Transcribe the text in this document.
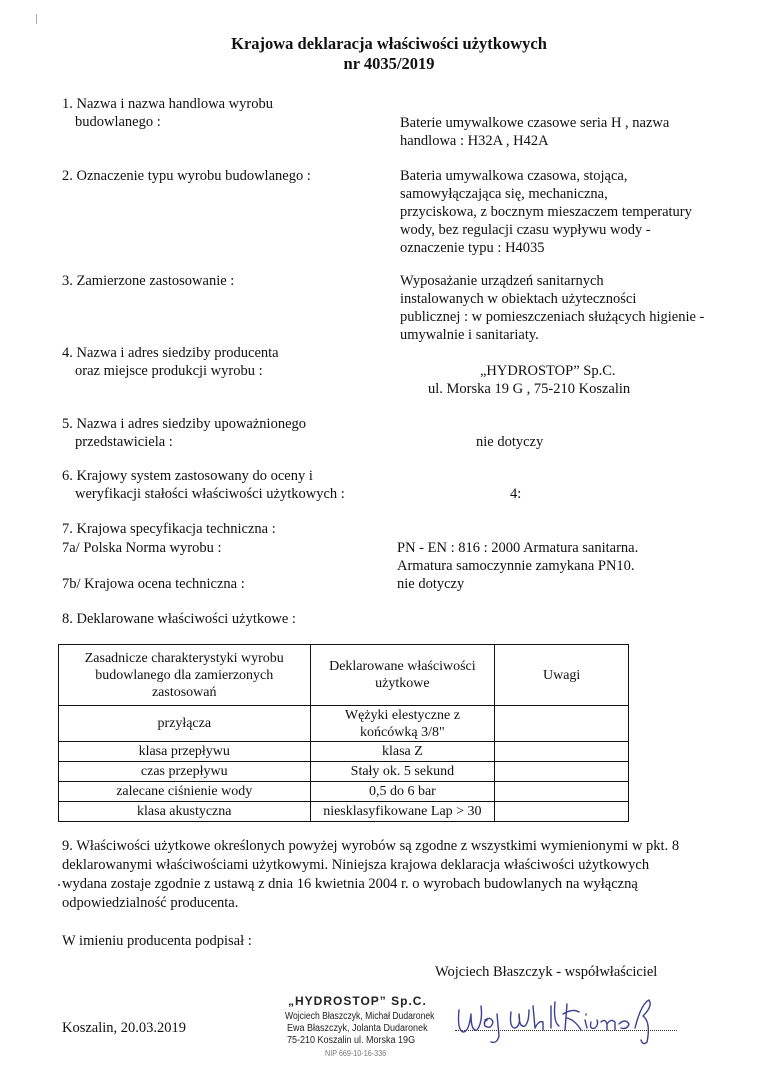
Krajowa deklaracja właściwości użytkowych
nr 4035/2019
1. Nazwa i nazwa handlowa wyrobu
budowlanego :	Baterie umywalkowe czasowe seria H , nazwa
handlowa : H32A , H42A
2. Oznaczenie typu wyrobu budowlanego :	Bateria umywalkowa czasowa, stojąca,
samowyłączająca się, mechaniczna,
przyciskowa, z bocznym mieszaczem temperatury
wody, bez regulacji czasu wypływu wody -
oznaczenie typu : H4035
3. Zamierzone zastosowanie :	Wyposażanie urządzeń sanitarnych
instalowanych w obiektach użyteczności
publicznej : w pomieszczeniach służących higienie -
umywalnie i sanitariaty.
4. Nazwa i adres siedziby producenta
oraz miejsce produkcji wyrobu :	„HYDROSTOP” Sp.C.
ul. Morska 19 G , 75-210 Koszalin
5. Nazwa i adres siedziby upoważnionego
przedstawiciela :	nie dotyczy
6. Krajowy system zastosowany do oceny i
weryfikacji stałości właściwości użytkowych :	4:
7. Krajowa specyfikacja techniczna :
7a/ Polska Norma wyrobu :	PN - EN : 816 : 2000 Armatura sanitarna.
Armatura samoczynnie zamykana PN10.
7b/ Krajowa ocena techniczna :	nie dotyczy
8. Deklarowane właściwości użytkowe :
Zasadnicze charakterystyki wyrobu budowlanego dla zamierzonych zastosowań	Deklarowane właściwości użytkowe	Uwagi
przyłącza	Wężyki elestyczne z końcówką 3/8"	
klasa przepływu	klasa Z	
czas przepływu	Stały ok. 5 sekund	
zalecane ciśnienie wody	0,5 do 6 bar	
klasa akustyczna	niesklasyfikowane Lap > 30	
9. Właściwości użytkowe określonych powyżej wyrobów są zgodne z wszystkimi wymienionymi w pkt. 8
deklarowanymi właściwościami użytkowymi. Niniejsza krajowa deklaracja właściwości użytkowych
wydana zostaje zgodnie z ustawą z dnia 16 kwietnia 2004 r. o wyrobach budowlanych na wyłączną
odpowiedzialność producenta.
W imieniu producenta podpisał :
Wojciech Błaszczyk - współwłaściciel
Koszalin, 20.03.2019
„HYDROSTOP” Sp.C.
Wojciech Błaszczyk, Michał Dudaronek
Ewa Błaszczyk, Jolanta Dudaronek
75-210 Koszalin ul. Morska 19G
NIP 669-10-16-336
